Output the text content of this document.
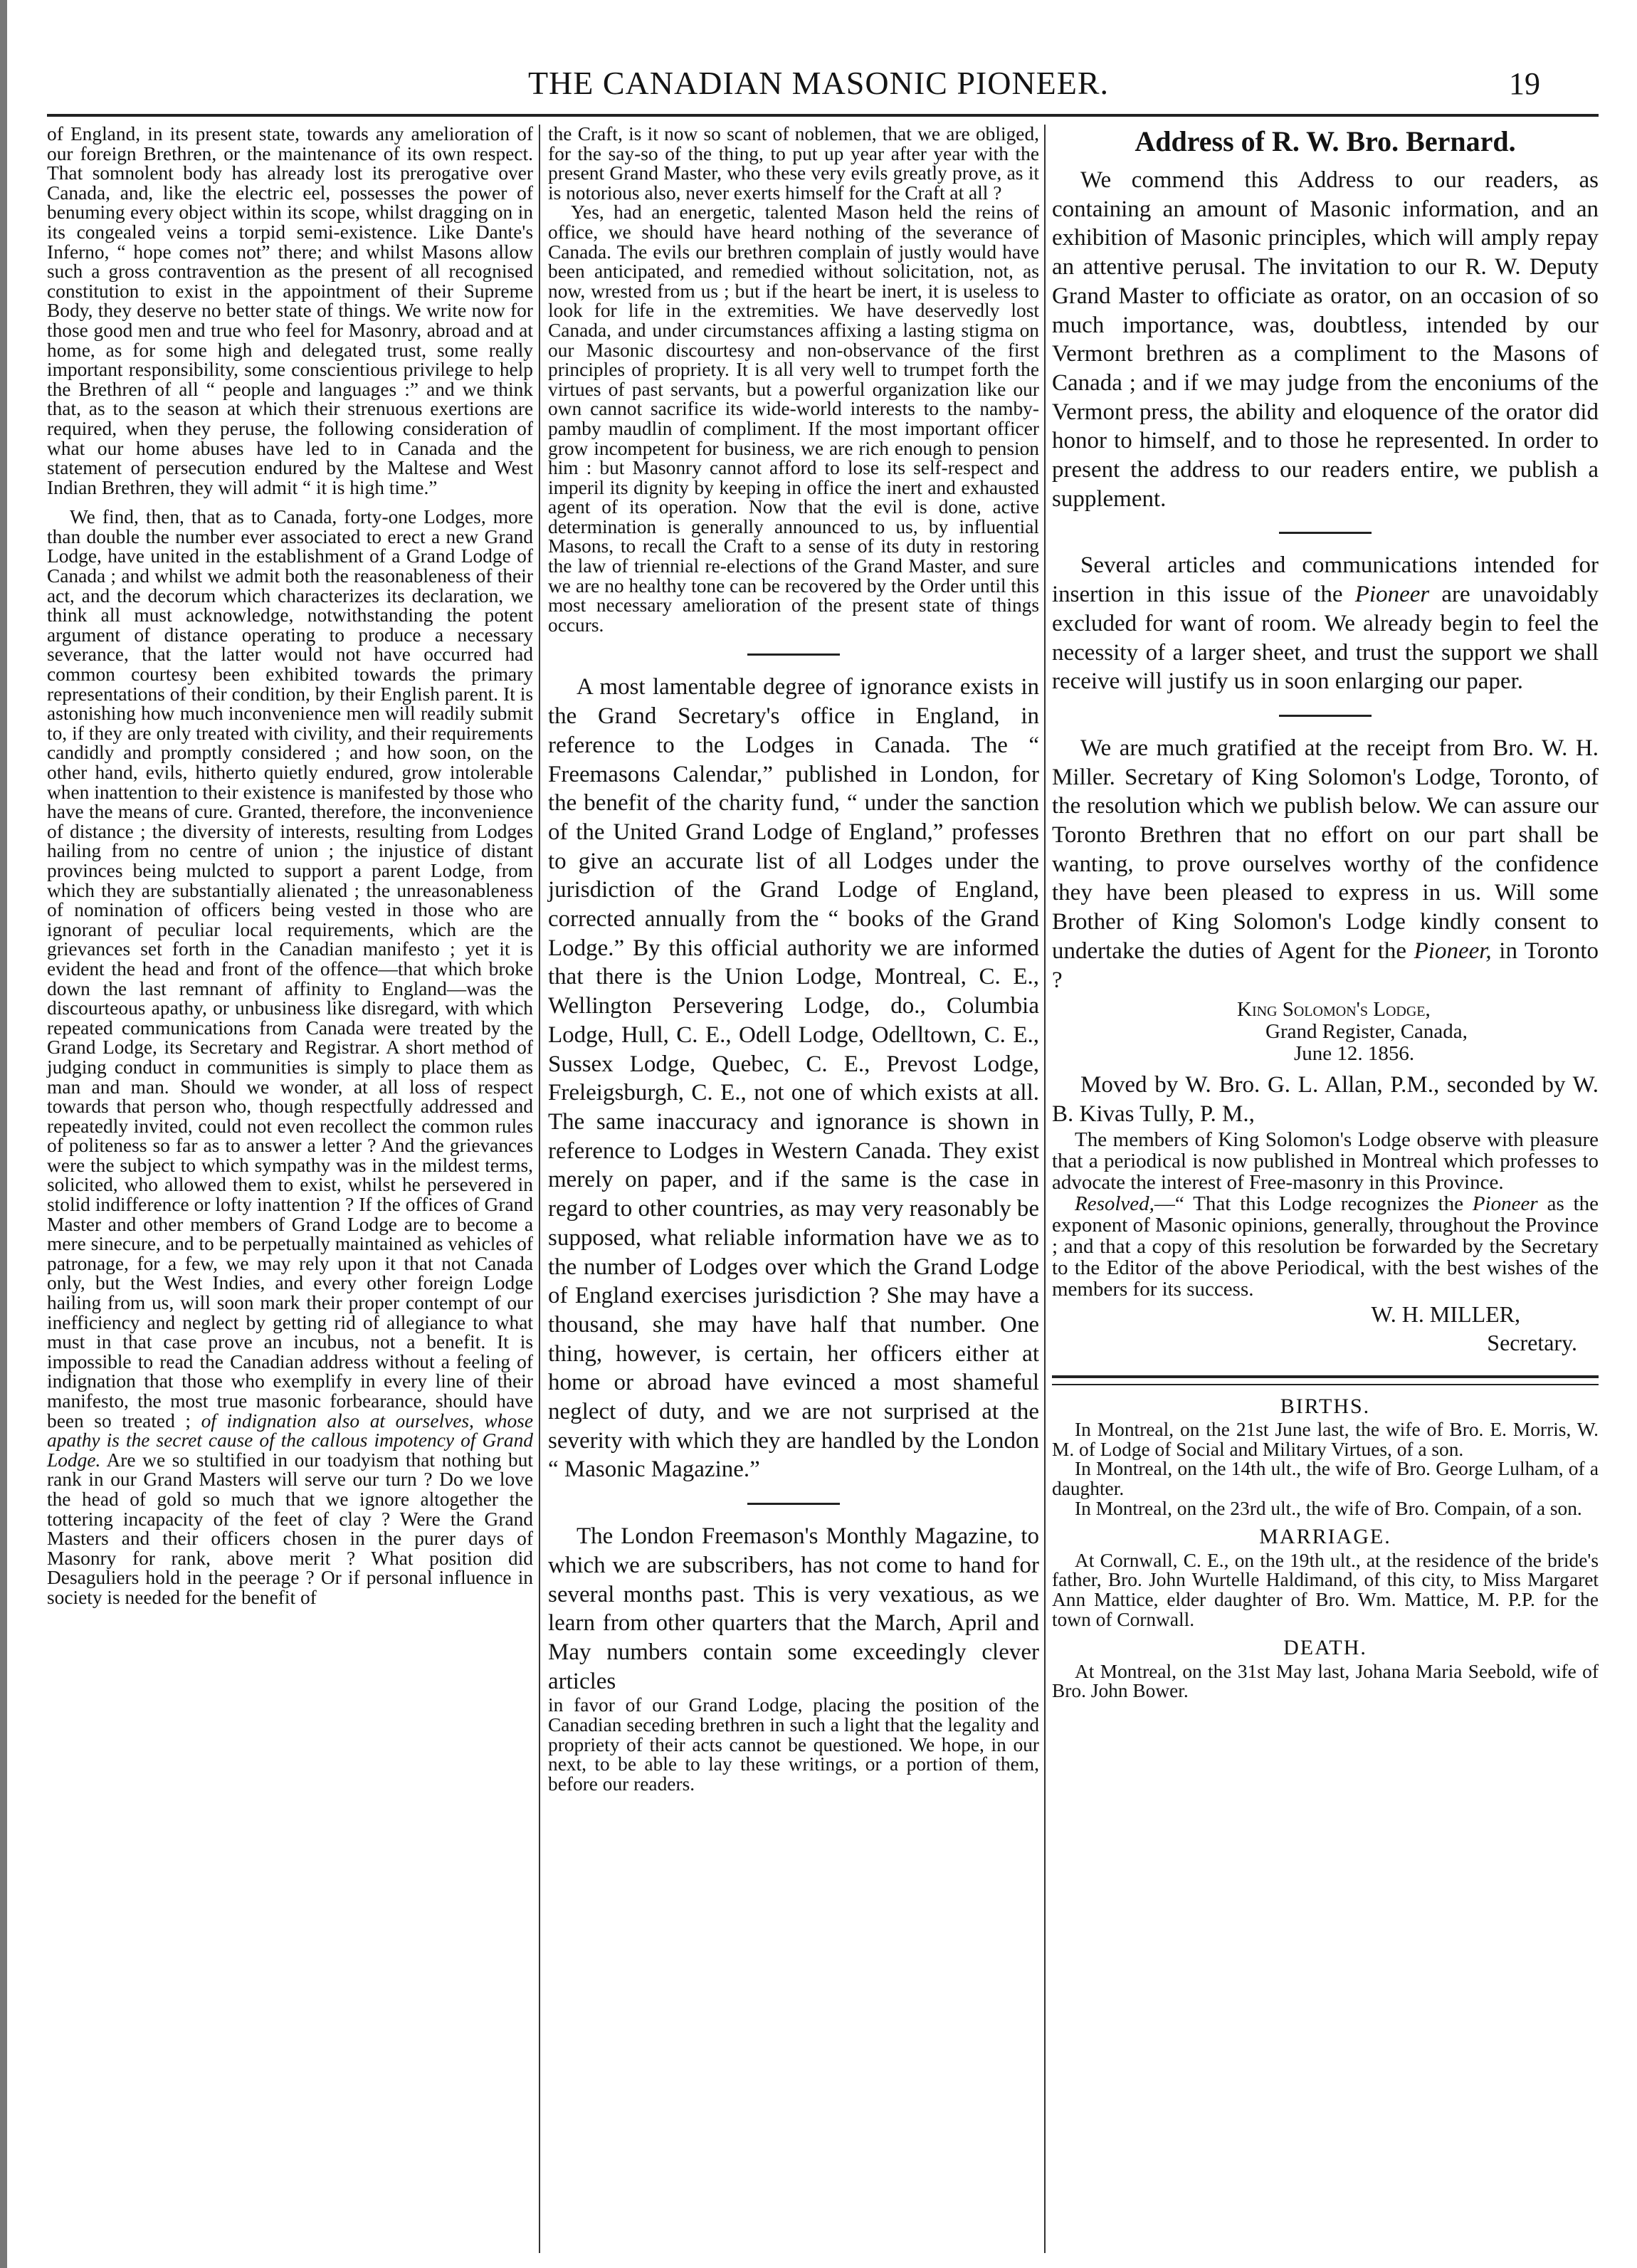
THE CANADIAN MASONIC PIONEER.	19

of England, in its present state, towards any amelioration of our foreign Brethren, or the maintenance of its own respect. That somnolent body has already lost its prerogative over Canada, and, like the electric eel, possesses the power of benuming every object within its scope, whilst dragging on in its congealed veins a torpid semi-existence. Like Dante's Inferno, “ hope comes not” there; and whilst Masons allow such a gross contravention as the present of all recognised constitution to exist in the appointment of their Supreme Body, they deserve no better state of things. We write now for those good men and true who feel for Masonry, abroad and at home, as for some high and delegated trust, some really important responsibility, some conscientious privilege to help the Brethren of all “ people and languages :” and we think that, as to the season at which their strenuous exertions are required, when they peruse, the following consideration of what our home abuses have led to in Canada and the statement of persecution endured by the Maltese and West Indian Brethren, they will admit “ it is high time.”

We find, then, that as to Canada, forty-one Lodges, more than double the number ever associated to erect a new Grand Lodge, have united in the establishment of a Grand Lodge of Canada ; and whilst we admit both the reasonableness of their act, and the decorum which characterizes its declaration, we think all must acknowledge, notwithstanding the potent argument of distance operating to produce a necessary severance, that the latter would not have occurred had common courtesy been exhibited towards the primary representations of their condition, by their English parent. It is astonishing how much inconvenience men will readily submit to, if they are only treated with civility, and their requirements candidly and promptly considered ; and how soon, on the other hand, evils, hitherto quietly endured, grow intolerable when inattention to their existence is manifested by those who have the means of cure. Granted, therefore, the inconvenience of distance ; the diversity of interests, resulting from Lodges hailing from no centre of union ; the injustice of distant provinces being mulcted to support a parent Lodge, from which they are substantially alienated ; the unreasonableness of nomination of officers being vested in those who are ignorant of peculiar local requirements, which are the grievances set forth in the Canadian manifesto ; yet it is evident the head and front of the offence—that which broke down the last remnant of affinity to England—was the discourteous apathy, or unbusiness like disregard, with which repeated communications from Canada were treated by the Grand Lodge, its Secretary and Registrar. A short method of judging conduct in communities is simply to place them as man and man. Should we wonder, at all loss of respect towards that person who, though respectfully addressed and repeatedly invited, could not even recollect the common rules of politeness so far as to answer a letter ? And the grievances were the subject to which sympathy was in the mildest terms, solicited, who allowed them to exist, whilst he persevered in stolid indifference or lofty inattention ? If the offices of Grand Master and other members of Grand Lodge are to become a mere sinecure, and to be perpetually maintained as vehicles of patronage, for a few, we may rely upon it that not Canada only, but the West Indies, and every other foreign Lodge hailing from us, will soon mark their proper contempt of our inefficiency and neglect by getting rid of allegiance to what must in that case prove an incubus, not a benefit. It is impossible to read the Canadian address without a feeling of indignation that those who exemplify in every line of their manifesto, the most true masonic forbearance, should have been so treated ; of indignation also at ourselves, whose apathy is the secret cause of the callous impotency of Grand Lodge. Are we so stultified in our toadyism that nothing but rank in our Grand Masters will serve our turn ? Do we love the head of gold so much that we ignore altogether the tottering incapacity of the feet of clay ? Were the Grand Masters and their officers chosen in the purer days of Masonry for rank, above merit ? What position did Desaguliers hold in the peerage ? Or if personal influence in society is needed for the benefit of

the Craft, is it now so scant of noblemen, that we are obliged, for the say-so of the thing, to put up year after year with the present Grand Master, who these very evils greatly prove, as it is notorious also, never exerts himself for the Craft at all ?

Yes, had an energetic, talented Mason held the reins of office, we should have heard nothing of the severance of Canada. The evils our brethren complain of justly would have been anticipated, and remedied without solicitation, not, as now, wrested from us ; but if the heart be inert, it is useless to look for life in the extremities. We have deservedly lost Canada, and under circumstances affixing a lasting stigma on our Masonic discourtesy and non-observance of the first principles of propriety. It is all very well to trumpet forth the virtues of past servants, but a powerful organization like our own cannot sacrifice its wide-world interests to the namby-pamby maudlin of compliment. If the most important officer grow incompetent for business, we are rich enough to pension him : but Masonry cannot afford to lose its self-respect and imperil its dignity by keeping in office the inert and exhausted agent of its operation. Now that the evil is done, active determination is generally announced to us, by influential Masons, to recall the Craft to a sense of its duty in restoring the law of triennial re-elections of the Grand Master, and sure we are no healthy tone can be recovered by the Order until this most necessary amelioration of the present state of things occurs.

A most lamentable degree of ignorance exists in the Grand Secretary's office in England, in reference to the Lodges in Canada. The “ Freemasons Calendar,” published in London, for the benefit of the charity fund, “ under the sanction of the United Grand Lodge of England,” professes to give an accurate list of all Lodges under the jurisdiction of the Grand Lodge of England, corrected annually from the “ books of the Grand Lodge.” By this official authority we are informed that there is the Union Lodge, Montreal, C. E., Wellington Persevering Lodge, do., Columbia Lodge, Hull, C. E., Odell Lodge, Odelltown, C. E., Sussex Lodge, Quebec, C. E., Prevost Lodge, Freleigsburgh, C. E., not one of which exists at all. The same inaccuracy and ignorance is shown in reference to Lodges in Western Canada. They exist merely on paper, and if the same is the case in regard to other countries, as may very reasonably be supposed, what reliable information have we as to the number of Lodges over which the Grand Lodge of England exercises jurisdiction ? She may have a thousand, she may have half that number. One thing, however, is certain, her officers either at home or abroad have evinced a most shameful neglect of duty, and we are not surprised at the severity with which they are handled by the London “ Masonic Magazine.”

The London Freemason's Monthly Magazine, to which we are subscribers, has not come to hand for several months past. This is very vexatious, as we learn from other quarters that the March, April and May numbers contain some exceedingly clever articles

in favor of our Grand Lodge, placing the position of the Canadian seceding brethren in such a light that the legality and propriety of their acts cannot be questioned. We hope, in our next, to be able to lay these writings, or a portion of them, before our readers.

Address of R. W. Bro. Bernard.

We commend this Address to our readers, as containing an amount of Masonic information, and an exhibition of Masonic principles, which will amply repay an attentive perusal. The invitation to our R. W. Deputy Grand Master to officiate as orator, on an occasion of so much importance, was, doubtless, intended by our Vermont brethren as a compliment to the Masons of Canada ; and if we may judge from the enconiums of the Vermont press, the ability and eloquence of the orator did honor to himself, and to those he represented. In order to present the address to our readers entire, we publish a supplement.

Several articles and communications intended for insertion in this issue of the Pioneer are unavoidably excluded for want of room. We already begin to feel the necessity of a larger sheet, and trust the support we shall receive will justify us in soon enlarging our paper.

We are much gratified at the receipt from Bro. W. H. Miller. Secretary of King Solomon's Lodge, Toronto, of the resolution which we publish below. We can assure our Toronto Brethren that no effort on our part shall be wanting, to prove ourselves worthy of the confidence they have been pleased to express in us. Will some Brother of King Solomon's Lodge kindly consent to undertake the duties of Agent for the Pioneer, in Toronto ?

King Solomon's Lodge,
Grand Register, Canada,
June 12. 1856.

Moved by W. Bro. G. L. Allan, P.M., seconded by W. B. Kivas Tully, P. M.,

The members of King Solomon's Lodge observe with pleasure that a periodical is now published in Montreal which professes to advocate the interest of Free-masonry in this Province.

Resolved,—“ That this Lodge recognizes the Pioneer as the exponent of Masonic opinions, generally, throughout the Province ; and that a copy of this resolution be forwarded by the Secretary to the Editor of the above Periodical, with the best wishes of the members for its success.

W. H. MILLER,
Secretary.
BIRTHS.

In Montreal, on the 21st June last, the wife of Bro. E. Morris, W. M. of Lodge of Social and Military Virtues, of a son.

In Montreal, on the 14th ult., the wife of Bro. George Lulham, of a daughter.

In Montreal, on the 23rd ult., the wife of Bro. Compain, of a son.

MARRIAGE.

At Cornwall, C. E., on the 19th ult., at the residence of the bride's father, Bro. John Wurtelle Haldimand, of this city, to Miss Margaret Ann Mattice, elder daughter of Bro. Wm. Mattice, M. P.P. for the town of Cornwall.

DEATH.

At Montreal, on the 31st May last, Johana Maria Seebold, wife of Bro. John Bower.
